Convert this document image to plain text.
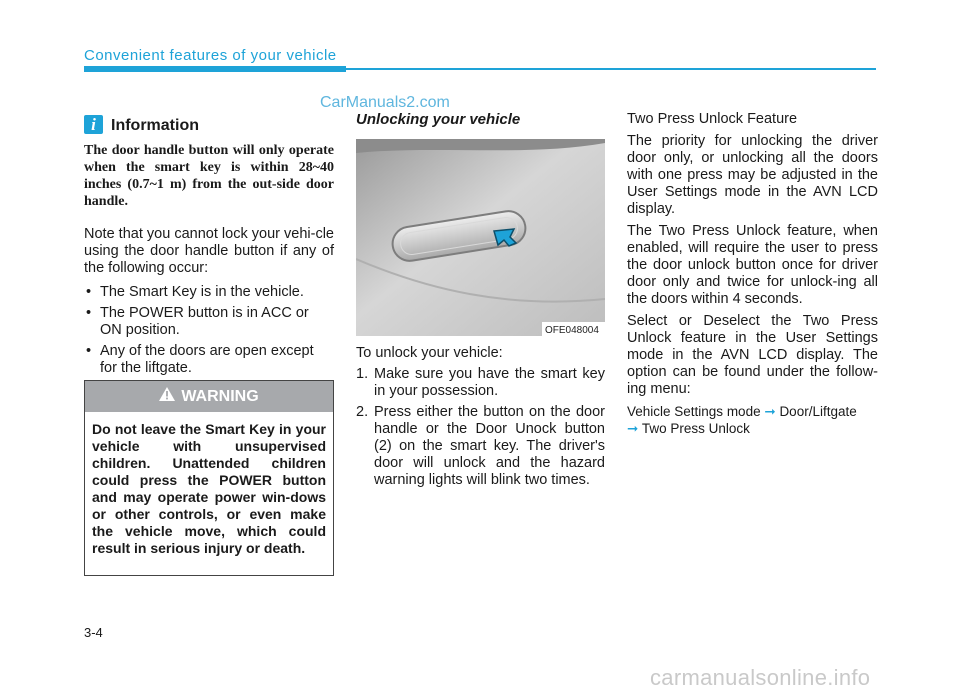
Convenient features of your vehicle
CarManuals2.com
i Information
The door handle button will only operate when the smart key is within 28~40 inches (0.7~1 m) from the out-side door handle.
Note that you cannot lock your vehi-cle using the door handle button if any of the following occur:
• The Smart Key is in the vehicle.
• The POWER button is in ACC or ON position.
• Any of the doors are open except for the liftgate.
WARNING
Do not leave the Smart Key in your vehicle with unsupervised children. Unattended children could press the POWER button and may operate power win-dows or other controls, or even make the vehicle move, which could result in serious injury or death.
Unlocking your vehicle
OFE048004
To unlock your vehicle:
1. Make sure you have the smart key in your possession.
2. Press either the button on the door handle or the Door Unock button (2) on the smart key. The driver's door will unlock and the hazard warning lights will blink two times.
Two Press Unlock Feature
The priority for unlocking the driver door only, or unlocking all the doors with one press may be adjusted in the User Settings mode in the AVN LCD display.
The Two Press Unlock feature, when enabled, will require the user to press the door unlock button once for driver door only and twice for unlock-ing all the doors within 4 seconds.
Select or Deselect the Two Press Unlock feature in the User Settings mode in the AVN LCD display. The option can be found under the follow-ing menu:
Vehicle Settings mode ➞ Door/Liftgate
➞ Two Press Unlock
3-4
carmanualsonline.info
